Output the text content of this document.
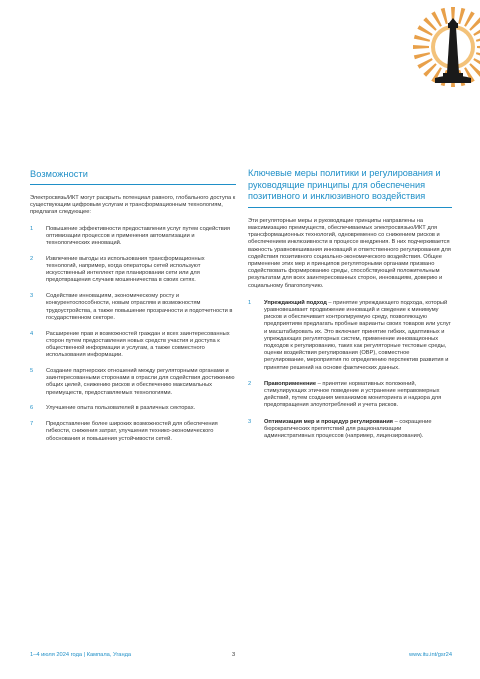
Возможности

Электросвязь/ИКТ могут раскрыть потенциал равного, глобального доступа к существующим цифровым услугам и трансформационным технологиям, предлагая следующее:

1	Повышение эффективности предоставления услуг путем содействия оптимизации процессов и применения автоматизации и технологических инноваций.
2	Извлечение выгоды из использования трансформационных технологий, например, когда операторы сетей используют искусственный интеллект при планировании сети или для предотвращения случаев мошенничества в своих сетях.
3	Содействие инновациям, экономическому росту и конкурентоспособности, новым отраслям и возможностям трудоустройства, а также повышение прозрачности и подотчетности в государственном секторе.
4	Расширение прав и возможностей граждан и всех заинтересованных сторон путем предоставления новых средств участия и доступа к общественной информации и услугам, а также совместного использования информации.
5	Создание партнерских отношений между регуляторными органами и заинтересованными сторонами в отрасли для содействия достижению общих целей, снижению рисков и обеспечению максимальных преимуществ, предоставляемых технологиями.
6	Улучшение опыта пользователей в различных секторах.
7	Предоставление более широких возможностей для обеспечения гибкости, снижения затрат, улучшения технико-экономического обоснования и повышения устойчивости сетей.
Ключевые меры политики и регулирования и руководящие принципы для обеспечения позитивного и инклюзивного воздействия

Эти регуляторные меры и руководящие принципы направлены на максимизацию преимуществ, обеспечиваемых электросвязью/ИКТ для трансформационных технологий, одновременно со снижением рисков и обеспечением инклюзивности в процессе внедрения. В них подчеркивается важность уравновешивания инноваций и ответственного регулирования для содействия позитивного социально-экономического воздействия. Общее применение этих мер и принципов регуляторными органами призвано содействовать формированию среды, способствующей положительным результатам для всех заинтересованных сторон, инновациям, доверию и социальному благополучию.

1	Упреждающий подход – принятие упреждающего подхода, который уравновешивает продвижение инноваций и сведение к минимуму рисков и обеспечивает контролируемую среду, позволяющую предприятиям предлагать пробные варианты своих товаров или услуг и масштабировать их. Это включает принятие гибких, адаптивных и упреждающих регуляторных систем, применение инновационных подходов к регулированию, таких как регуляторные тестовые среды, оценки воздействия регулирования (ОВР), совместное регулирование, мероприятия по определению перспектив развития и принятие решений на основе фактических данных.
2	Правоприменение – принятие нормативных положений, стимулирующих этичное поведение и устранение неправомерных действий, путем создания механизмов мониторинга и надзора для предотвращения злоупотреблений и учета рисков.
3	Оптимизация мер и процедур регулирования – сокращение бюрократических препятствий для рационализации административных процессов (например, лицензирования).
1–4 июля 2024 года | Кампала, Уганда	3	www.itu.int/gsr24
